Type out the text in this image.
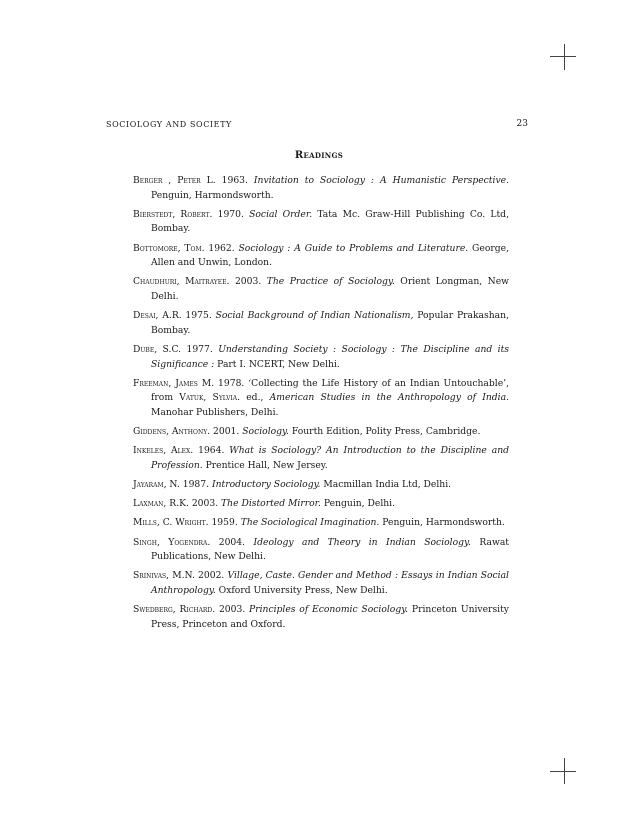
SOCIOLOGY AND SOCIETY	23
Readings

Berger , Peter L. 1963. Invitation to Sociology : A Humanistic Perspective. Penguin, Harmondsworth.

Bierstedt, Robert. 1970. Social Order. Tata Mc. Graw-Hill Publishing Co. Ltd, Bombay.

Bottomore, Tom. 1962. Sociology : A Guide to Problems and Literature. George, Allen and Unwin, London.

Chaudhuri, Maitrayee. 2003. The Practice of Sociology. Orient Longman, New Delhi.

Desai, A.R. 1975. Social Background of Indian Nationalism, Popular Prakashan, Bombay.

Dube, S.C. 1977. Understanding Society : Sociology : The Discipline and its Significance : Part I. NCERT, New Delhi.

Freeman, James M. 1978. ‘Collecting the Life History of an Indian Untouchable’, from Vatuk, Sylvia. ed., American Studies in the Anthropology of India. Manohar Publishers, Delhi.

Giddens, Anthony. 2001. Sociology. Fourth Edition, Polity Press, Cambridge.

Inkeles, Alex. 1964. What is Sociology? An Introduction to the Discipline and Profession. Prentice Hall, New Jersey.

Jayaram, N. 1987. Introductory Sociology. Macmillan India Ltd, Delhi.

Laxman, R.K. 2003. The Distorted Mirror. Penguin, Delhi.

Mills, C. Wright. 1959. The Sociological Imagination. Penguin, Harmondsworth.

Singh, Yogendra. 2004. Ideology and Theory in Indian Sociology. Rawat Publications, New Delhi.

Srinivas, M.N. 2002. Village, Caste. Gender and Method : Essays in Indian Social Anthropology. Oxford University Press, New Delhi.

Swedberg, Richard. 2003. Principles of Economic Sociology. Princeton University Press, Princeton and Oxford.
